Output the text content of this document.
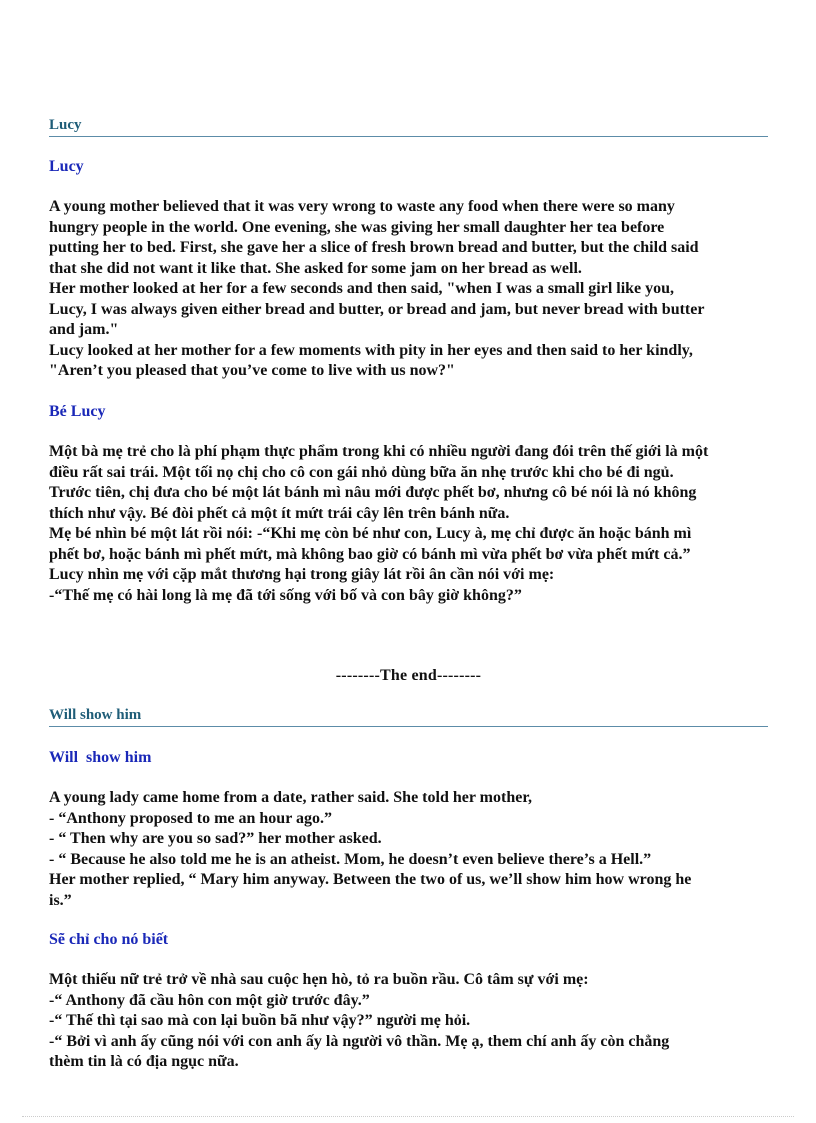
Lucy
Lucy
A young mother believed that it was very wrong to waste any food when there were so many
hungry people in the world. One evening, she was giving her small daughter her tea before
putting her to bed. First, she gave her a slice of fresh brown bread and butter, but the child said
that she did not want it like that. She asked for some jam on her bread as well.
Her mother looked at her for a few seconds and then said, "when I was a small girl like you,
Lucy, I was always given either bread and butter, or bread and jam, but never bread with butter
and jam."
Lucy looked at her mother for a few moments with pity in her eyes and then said to her kindly,
"Aren’t you pleased that you’ve come to live with us now?"
Bé Lucy
Một bà mẹ trẻ cho là phí phạm thực phẩm trong khi có nhiều người đang đói trên thế giới là một
điều rất sai trái. Một tối nọ chị cho cô con gái nhỏ dùng bữa ăn nhẹ trước khi cho bé đi ngủ.
Trước tiên, chị đưa cho bé một lát bánh mì nâu mới được phết bơ, nhưng cô bé nói là nó không
thích như vậy. Bé đòi phết cả một ít mứt trái cây lên trên bánh nữa.
Mẹ bé nhìn bé một lát rồi nói: -“Khi mẹ còn bé như con, Lucy à, mẹ chỉ được ăn hoặc bánh mì
phết bơ, hoặc bánh mì phết mứt, mà không bao giờ có bánh mì vừa phết bơ vừa phết mứt cả.”
Lucy nhìn mẹ với cặp mắt thương hại trong giây lát rồi ân cần nói với mẹ:
-“Thế mẹ có hài long là mẹ đã tới sống với bố và con bây giờ không?”
--------The end--------
Will show him
Will  show him
A young lady came home from a date, rather said. She told her mother,
- “Anthony proposed to me an hour ago.”
- “ Then why are you so sad?” her mother asked.
- “ Because he also told me he is an atheist. Mom, he doesn’t even believe there’s a Hell.”
Her mother replied, “ Mary him anyway. Between the two of us, we’ll show him how wrong he
is.”
Sẽ chỉ cho nó biết
Một thiếu nữ trẻ trở về nhà sau cuộc hẹn hò, tỏ ra buồn rầu. Cô tâm sự với mẹ:
-“ Anthony đã cầu hôn con một giờ trước đây.”
-“ Thế thì tại sao mà con lại buồn bã như vậy?” người mẹ hỏi.
-“ Bởi vì anh ấy cũng nói với con anh ấy là người vô thần. Mẹ ạ, them chí anh ấy còn chẳng
thèm tin là có địa ngục nữa.
